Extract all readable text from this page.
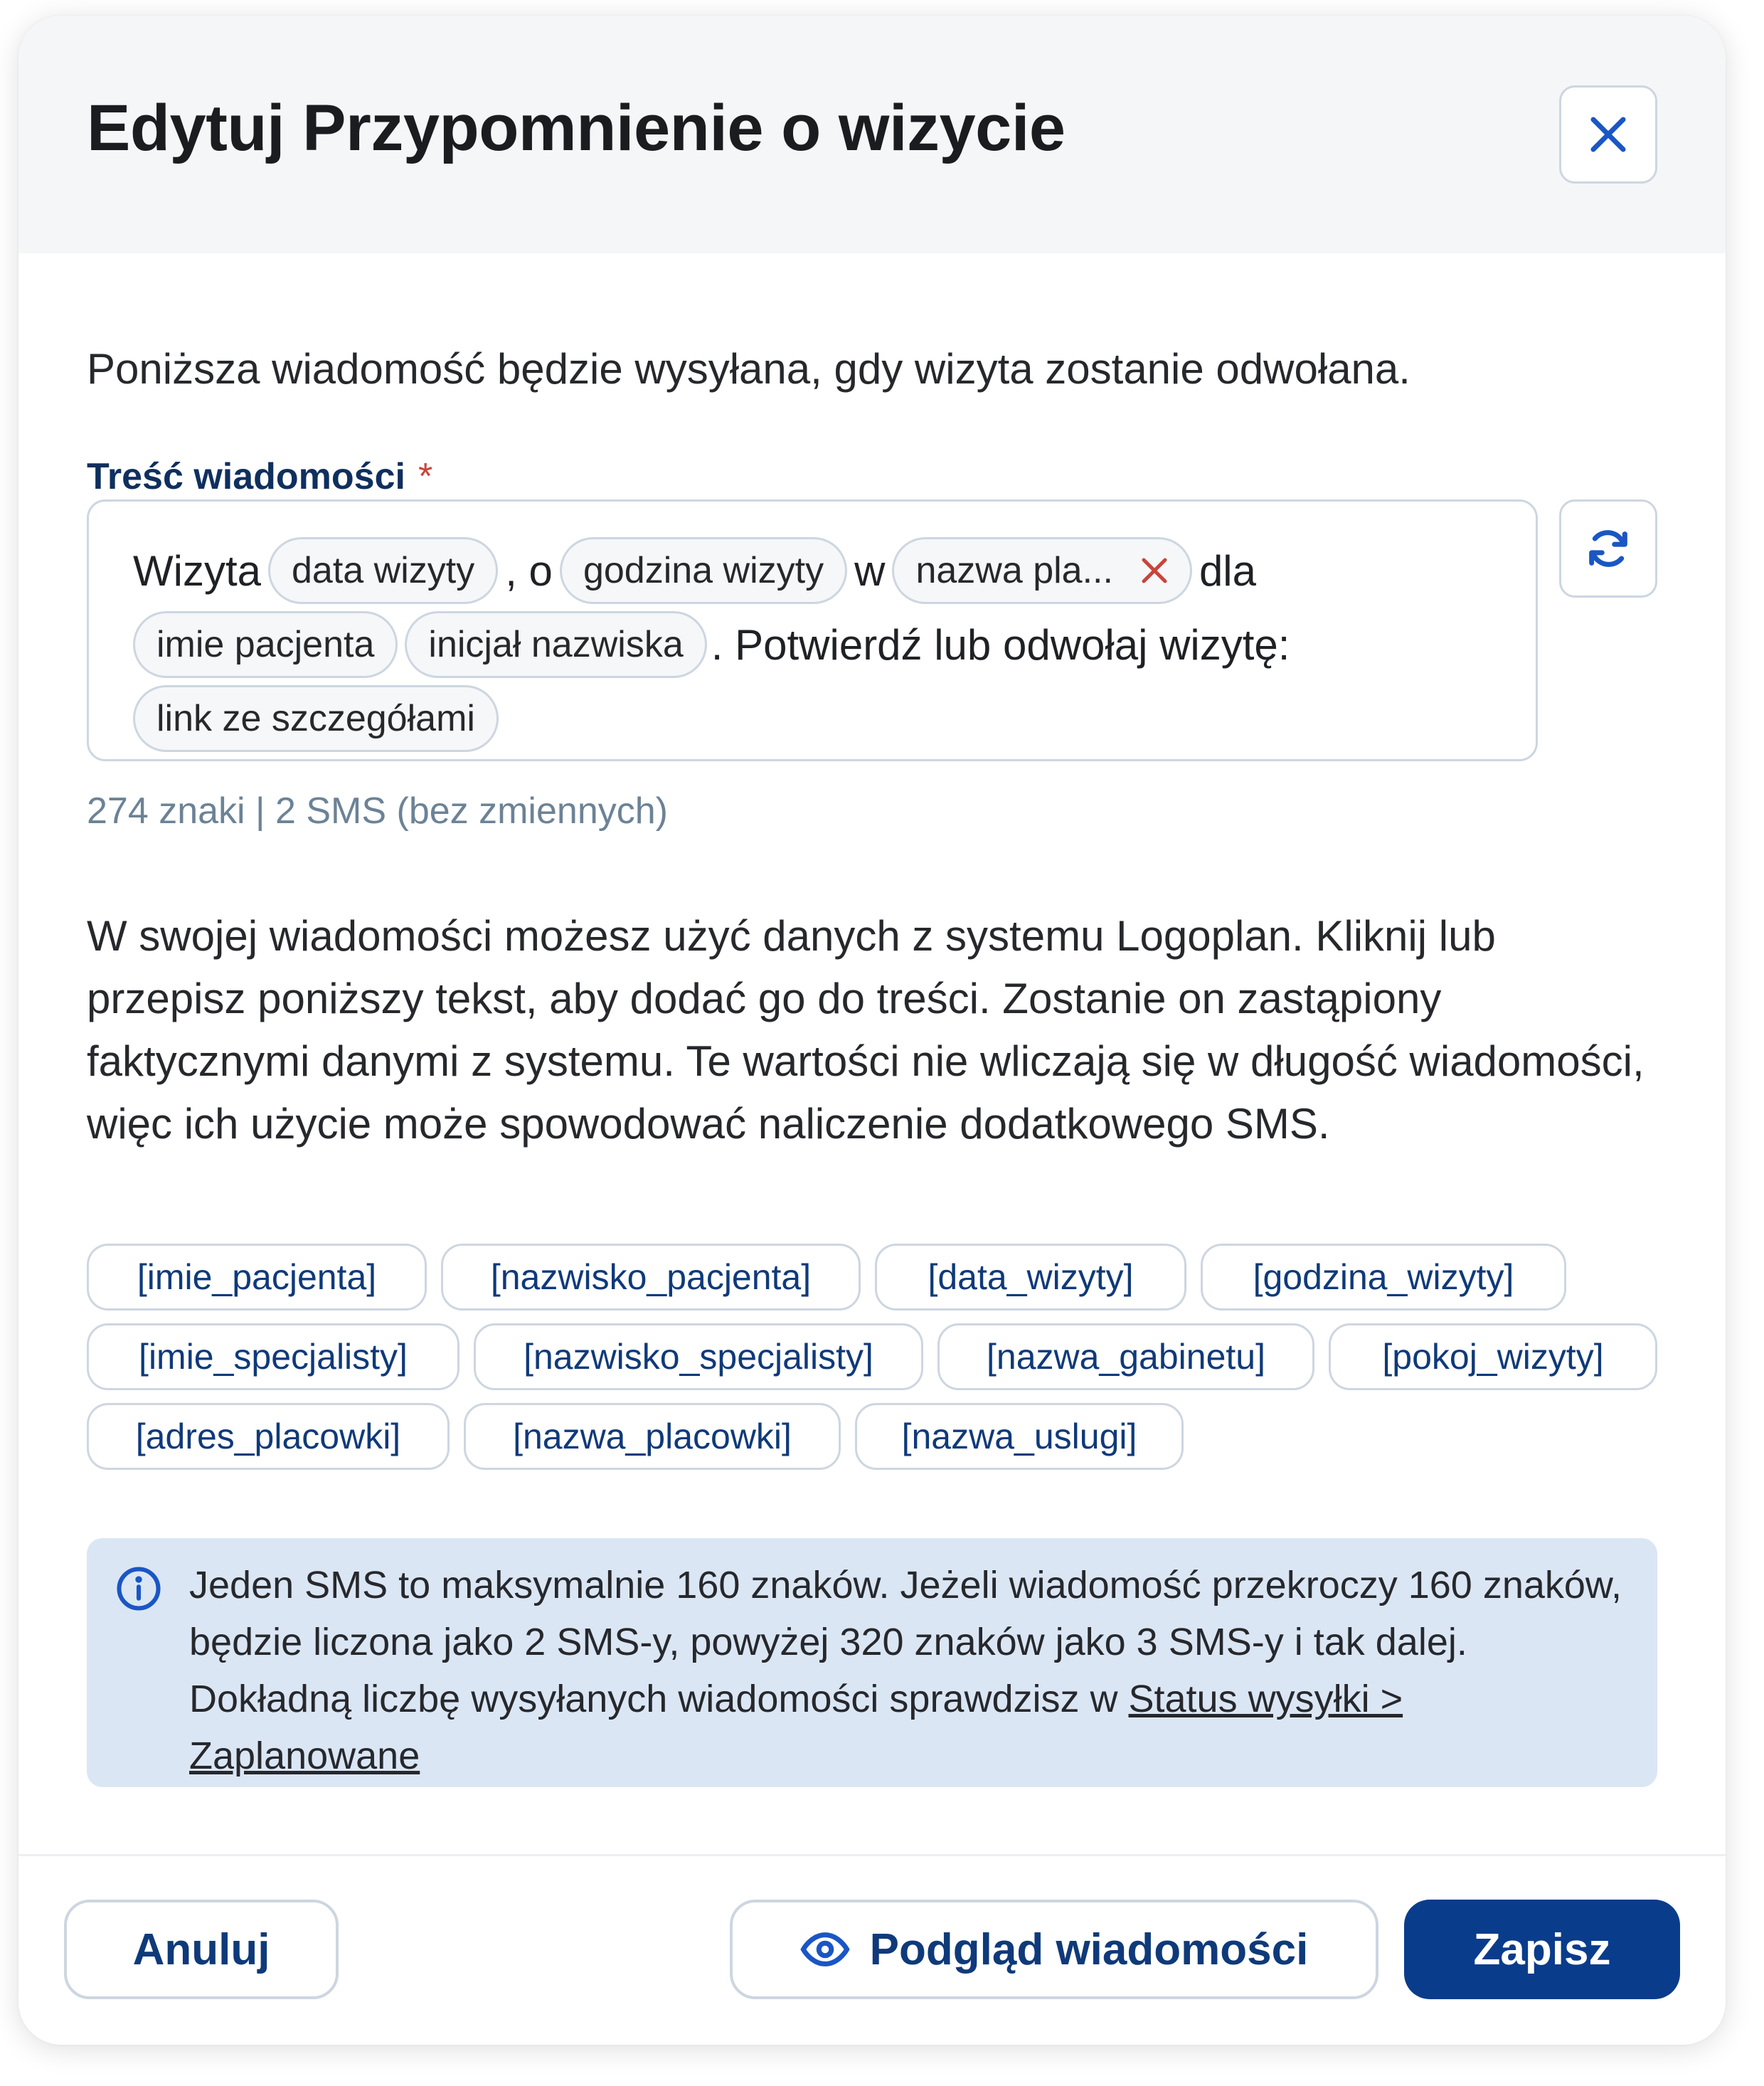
Edytuj Przypomnienie o wizycie
Poniższa wiadomość będzie wysyłana, gdy wizyta zostanie odwołana.
Treść wiadomości *
Wizyta data wizyty , o godzina wizyty w nazwa pla... dla
imie pacjenta	inicjał nazwiska . Potwierdź lub odwołaj wizytę:
link ze szczegółami
274 znaki | 2 SMS (bez zmiennych)
W swojej wiadomości możesz użyć danych z systemu Logoplan. Kliknij lub przepisz poniższy tekst, aby dodać go do treści. Zostanie on zastąpiony faktycznymi danymi z systemu. Te wartości nie wliczają się w długość wiadomości, więc ich użycie może spowodować naliczenie dodatkowego SMS.
[imie_pacjenta]	[nazwisko_pacjenta]	[data_wizyty]	[godzina_wizyty]
[imie_specjalisty]	[nazwisko_specjalisty]	[nazwa_gabinetu]	[pokoj_wizyty]
[adres_placowki]	[nazwa_placowki]	[nazwa_uslugi]
Jeden SMS to maksymalnie 160 znaków. Jeżeli wiadomość przekroczy 160 znaków, będzie liczona jako 2 SMS-y, powyżej 320 znaków jako 3 SMS-y i tak dalej. Dokładną liczbę wysyłanych wiadomości sprawdzisz w Status wysyłki > Zaplanowane
Anuluj	Podgląd wiadomości	Zapisz
